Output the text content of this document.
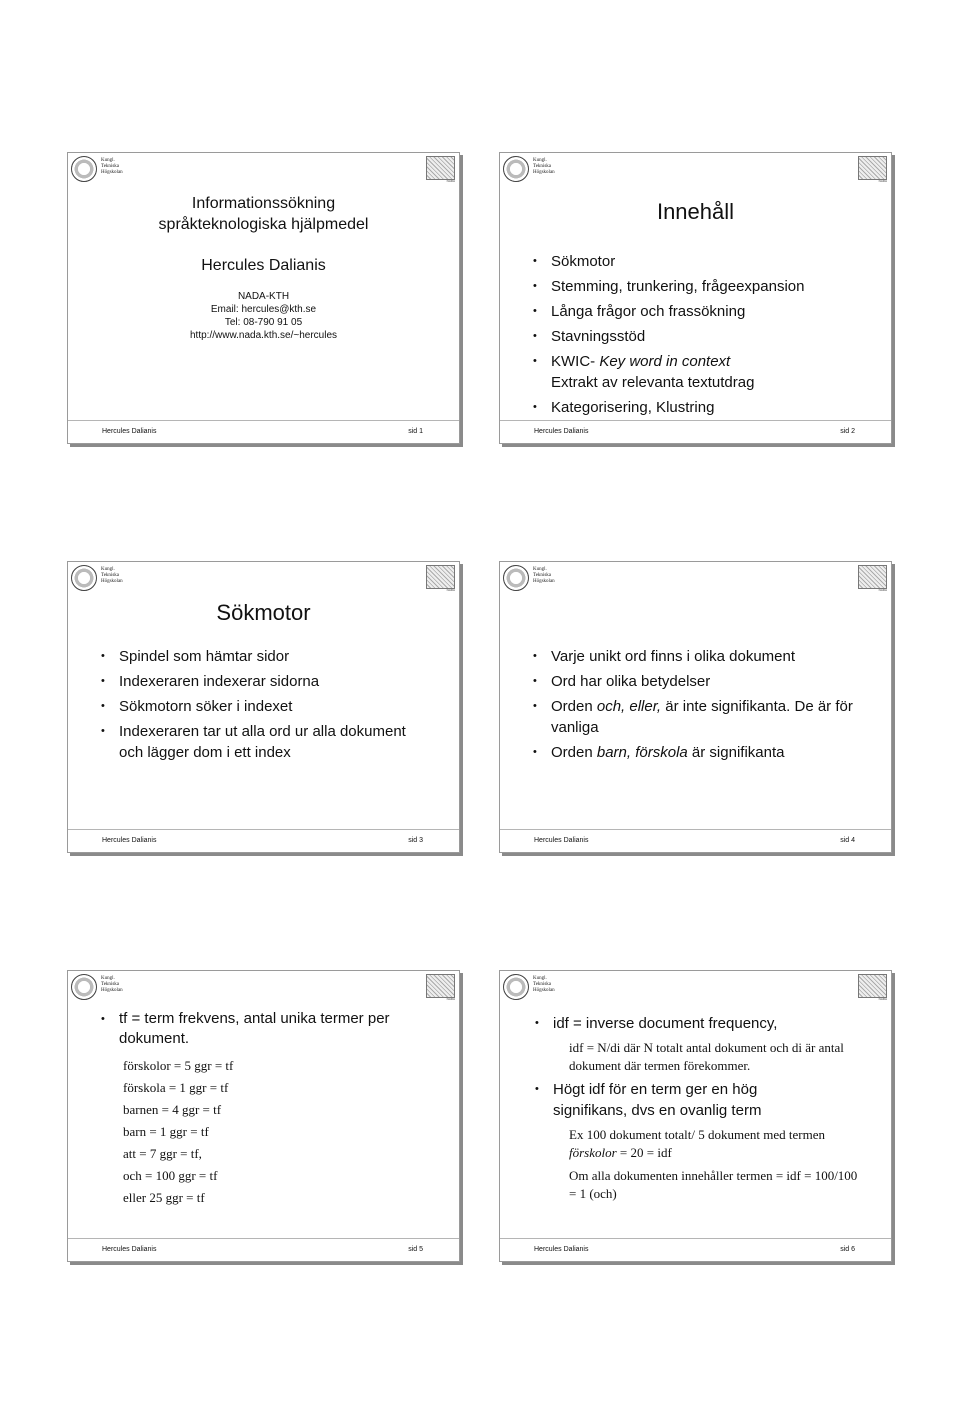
Kungl.
Tekniska
Högskolan
NADA
Informationssökning
språkteknologiska hjälpmedel
Hercules Dalianis
NADA-KTH
Email: hercules@kth.se
Tel: 08-790 91 05
http://www.nada.kth.se/~hercules
Hercules Dalianis	sid 1
Kungl.
Tekniska
Högskolan
NADA
Innehåll
• Sökmotor
• Stemming, trunkering, frågeexpansion
• Långa frågor och frassökning
• Stavningsstöd
• KWIC- Key word in context
Extrakt av relevanta textutdrag
• Kategorisering, Klustring
Hercules Dalianis	sid 2
Kungl.
Tekniska
Högskolan
NADA
Sökmotor
• Spindel som hämtar sidor
• Indexeraren indexerar sidorna
• Sökmotorn söker i indexet
• Indexeraren tar ut alla ord ur alla dokument och lägger dom i ett index
Hercules Dalianis	sid 3
Kungl.
Tekniska
Högskolan
NADA
• Varje unikt ord finns i olika dokument
• Ord har olika betydelser
• Orden och, eller, är inte signifikanta. De är för vanliga
• Orden barn, förskola är signifikanta
Hercules Dalianis	sid 4
Kungl.
Tekniska
Högskolan
NADA
• tf = term frekvens, antal unika termer per dokument.
förskolor = 5 ggr = tf
förskola = 1 ggr = tf
barnen = 4 ggr = tf
barn = 1 ggr = tf
att = 7 ggr = tf,
och = 100 ggr = tf
eller 25 ggr = tf
Hercules Dalianis	sid 5
Kungl.
Tekniska
Högskolan
NADA
• idf = inverse document frequency,
idf = N/di där N totalt antal dokument och di är antal dokument där termen förekommer.
• Högt idf för en term ger en hög signifikans, dvs en ovanlig term
Ex 100 dokument totalt/ 5 dokument med termen förskolor = 20 = idf
Om alla dokumenten innehåller termen = idf = 100/100 = 1 (och)
Hercules Dalianis	sid 6
